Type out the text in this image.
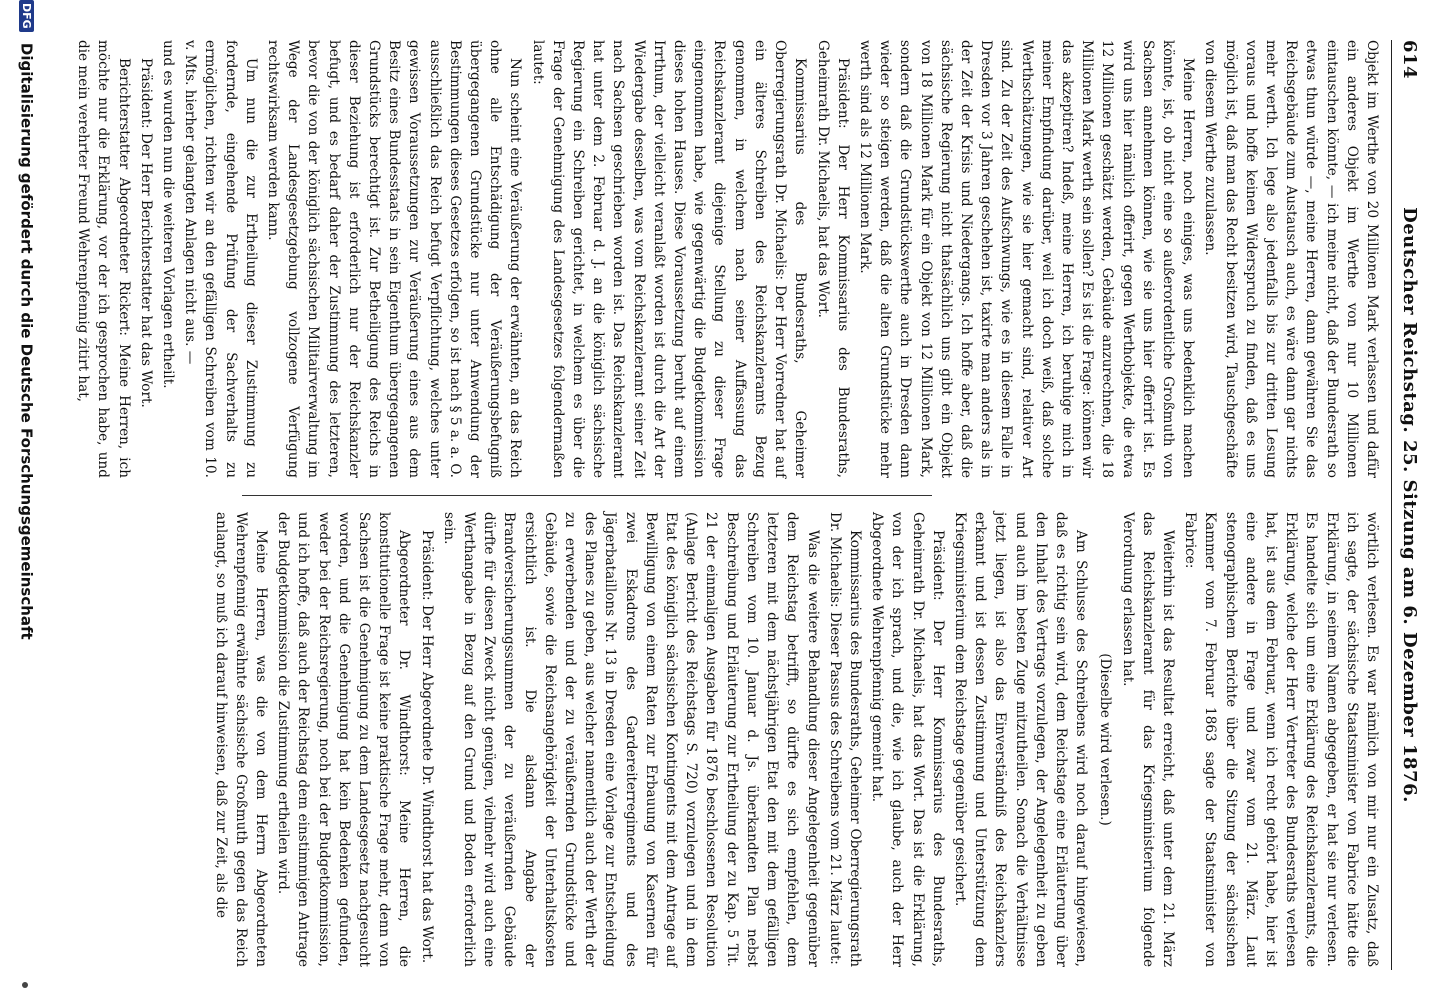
614
Deutscher Reichstag. 25. Sitzung am 6. Dezember 1876.

Objekt im Werthe von 20 Millionen Mark verlassen und dafür ein anderes Objekt im Werthe von nur 10 Millionen eintauschen könnte, — ich meine nicht, daß der Bundesrath so etwas thun würde —, meine Herren, dann gewähren Sie das Reichsgebäude zum Austausch auch, es wäre dann gar nichts mehr werth. Ich lege also jedenfalls bis zur dritten Lesung voraus und hoffe keinen Widerspruch zu finden, daß es uns möglich ist, daß man das Recht besitzen wird, Tauschgeschäfte von diesem Werthe zuzulassen.

Meine Herren, noch einiges, was uns bedenklich machen könnte, ist, ob nicht eine so außerordentliche Großmuth von Sachsen annehmen können, wie sie uns hier offerirt ist. Es wird uns hier nämlich offerirt, gegen Werthobjekte, die etwa 12 Millionen geschätzt werden, Gebäude anzurechnen, die 18 Millionen Mark werth sein sollen? Es ist die Frage: können wir das akzeptiren? Indeß, meine Herren, ich beruhige mich in meiner Empfindung darüber, weil ich doch weiß, daß solche Werthschätzungen, wie sie hier gemacht sind, relativer Art sind. Zu der Zeit des Aufschwungs, wie es in diesem Falle in Dresden vor 3 Jahren geschehen ist, taxirte man anders als in der Zeit der Krisis und Niedergangs. Ich hoffe aber, daß die sächsische Regierung nicht thatsächlich uns gibt ein Objekt von 18 Millionen Mark für ein Objekt von 12 Millionen Mark, sondern daß die Grundstückswerthe auch in Dresden dann wieder so steigen werden, daß die alten Grundstücke mehr werth sind als 12 Millionen Mark.

Präsident: Der Herr Kommissarius des Bundesraths, Geheimrath Dr. Michaelis, hat das Wort.

Kommissarius des Bundesraths, Geheimer Oberregierungsrath Dr. Michaelis: Der Herr Vorredner hat auf ein älteres Schreiben des Reichskanzleramts Bezug genommen, in welchem nach seiner Auffassung das Reichskanzleramt diejenige Stellung zu dieser Frage eingenommen habe, wie gegenwärtig die Budgetkommission dieses hohen Hauses. Diese Voraussetzung beruht auf einem Irrthum, der vielleicht veranlaßt worden ist durch die Art der Wiedergabe desselben, was vom Reichskanzleramt seiner Zeit nach Sachsen geschrieben worden ist. Das Reichskanzleramt hat unter dem 2. Februar d. J. an die königlich sächsische Regierung ein Schreiben gerichtet, in welchem es über die Frage der Genehmigung des Landesgesetzes folgendermaßen lautet:

Nun scheint eine Veräußerung der erwähnten, an das Reich ohne alle Entschädigung der Veräußerungsbefugniß übergegangenen Grundstücke nur unter Anwendung der Bestimmungen dieses Gesetzes erfolgen, so ist nach § 5 a. a. O. ausschließlich das Reich befugt Verpflichtung, welches unter gewissen Voraussetzungen zur Veräußerung eines aus dem Besitz eines Bundesstaats in sein Eigenthum übergegangenen Grundstücks berechtigt ist. Zur Betheiligung des Reichs in dieser Beziehung ist erforderlich nur der Reichskanzler befugt, und es bedarf daher der Zustimmung des letzteren, bevor die von der königlich sächsischen Militairverwaltung im Wege der Landesgesetzgebung vollzogene Verfügung rechtswirksam werden kann.

Um nun die zur Ertheilung dieser Zustimmung zu fordernde, eingehende Prüfung der Sachverhalts zu ermöglichen, richten wir an den gefälligen Schreiben vom 10. v. Mts. hierher gelangten Anlagen nicht aus. —

und es wurden nun die weiteren Vorlagen ertheilt.

Präsident: Der Herr Berichterstatter hat das Wort.

Berichterstatter Abgeordneter Rickert: Meine Herren, ich möchte nur die Erklärung, vor der ich gesprochen habe, und die mein verehrter Freund Wehrenpfennig zitirt hat,

wörtlich verlesen. Es war nämlich von mir nur ein Zusatz, daß ich sagte, der sächsische Staatsminister von Fabrice hätte die Erklärung, in seinem Namen abgegeben, er hat sie nur verlesen. Es handelte sich um eine Erklärung des Reichskanzleramts, die Erklärung, welche der Herr Vertreter des Bundesraths verlesen hat, ist aus dem Februar, wenn ich recht gehört habe, hier ist eine andere in Frage und zwar vom 21. März. Laut stenographischem Berichte über die Sitzung der sächsischen Kammer vom 7. Februar 1863 sagte der Staatsminister von Fabrice:

Weiterhin ist das Resultat erreicht, daß unter dem 21. März das Reichskanzleramt für das Kriegsministerium folgende Verordnung erlassen hat.

(Dieselbe wird verlesen.)

Am Schlusse des Schreibens wird noch darauf hingewiesen, daß es richtig sein wird, dem Reichstage eine Erläuterung über den Inhalt des Vertrags vorzulegen, der Angelegenheit zu geben und auch im besten Zuge mitzutheilen. Sonach die Verhältnisse jetzt liegen, ist also das Einverständniß des Reichskanzlers erkannt und ist dessen Zustimmung und Unterstützung dem Kriegsministerium dem Reichstage gegenüber gesichert.

Präsident: Der Herr Kommissarius des Bundesraths, Geheimrath Dr. Michaelis, hat das Wort. Das ist die Erklärung, von der ich sprach, und die, wie ich glaube, auch der Herr Abgeordnete Wehrenpfennig gemeint hat.

Kommissarius des Bundesraths, Geheimer Oberregierungsrath Dr. Michaelis: Dieser Passus des Schreibens vom 21. März lautet:

Was die weitere Behandlung dieser Angelegenheit gegenüber dem Reichstag betrifft, so dürfte es sich empfehlen, dem letzteren mit dem nächstjährigen Etat den mit dem gefälligen Schreiben vom 10. Januar d. Js. überkandten Plan nebst Beschreibung und Erläuterung zur Ertheilung der zu Kap. 5 Tit. 21 der einmaligen Ausgaben für 1876 beschlossenen Resolution (Anlage Bericht des Reichstags S. 720) vorzulegen und in dem Etat des königlich sächsischen Kontingents mit dem Antrage auf Bewilligung von einem Raten zur Erbauung von Kasernen für zwei Eskadrons des Gardereiterregiments und des Jägerbataillons Nr. 13 in Dresden eine Vorlage zur Entscheidung des Planes zu geben, aus welcher namentlich auch der Werth der zu erwerbenden und der zu veräußernden Grundstücke und Gebäude, sowie die Reichsangehörigkeit der Unterhaltskosten ersichtlich ist. Die alsdann Angabe der Brandversicherungssummen der zu veräußernden Gebäude dürfte für diesen Zweck nicht genügen, vielmehr wird auch eine Werthangabe in Bezug auf den Grund und Boden erforderlich sein.

Präsident: Der Herr Abgeordnete Dr. Windthorst hat das Wort.

Abgeordneter Dr. Windthorst: Meine Herren, die konstitutionelle Frage ist keine praktische Frage mehr, denn von Sachsen ist die Genehmigung zu dem Landesgesetz nachgesucht worden, und die Genehmigung hat kein Bedenken gefunden, weder bei der Reichsregierung, noch bei der Budgetkommission, und ich hoffe, daß auch der Reichstag dem einstimmigen Antrage der Budgetkommission die Zustimmung ertheilen wird.

Meine Herren, was die von dem Herrn Abgeordneten Wehrenpfennig erwähnte sächsische Großmuth gegen das Reich anlangt, so muß ich darauf hinweisen, daß zur Zeit, als die

DFG Digitalisierung gefördert durch die Deutsche Forschungsgemeinschaft
